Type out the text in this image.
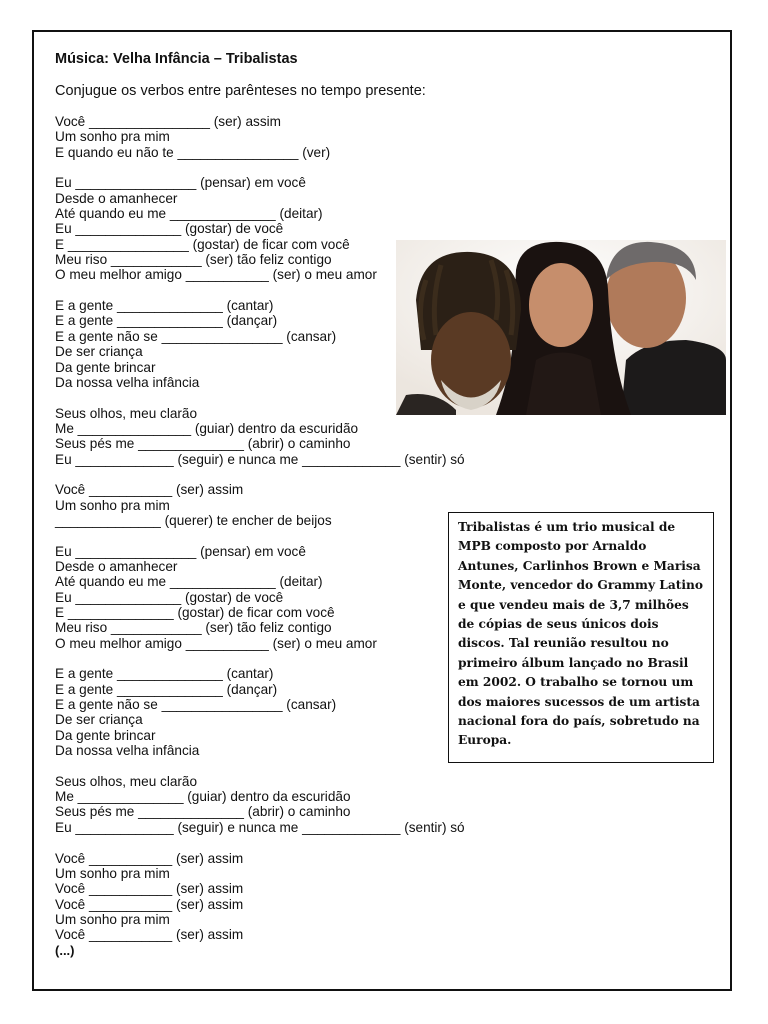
Música: Velha Infância – Tribalistas
Conjugue os verbos entre parênteses no tempo presente:
Você ________________ (ser) assim
Um sonho pra mim
E quando eu não te ________________ (ver)
Eu ________________ (pensar) em você
Desde o amanhecer
Até quando eu me ______________ (deitar)
Eu ______________ (gostar) de você
E ________________ (gostar) de ficar com você
Meu riso ____________ (ser) tão feliz contigo
O meu melhor amigo ___________ (ser) o meu amor
E a gente ______________ (cantar)
E a gente ______________ (dançar)
E a gente não se ________________ (cansar)
De ser criança
Da gente brincar
Da nossa velha infância
Seus olhos, meu clarão
Me _______________ (guiar) dentro da escuridão
Seus pés me ______________ (abrir) o caminho
Eu _____________ (seguir) e nunca me _____________ (sentir) só
Você ___________ (ser) assim
Um sonho pra mim
______________ (querer) te encher de beijos
Eu ________________ (pensar) em você
Desde o amanhecer
Até quando eu me ______________ (deitar)
Eu ______________ (gostar) de você
E ______________ (gostar) de ficar com você
Meu riso ____________ (ser) tão feliz contigo
O meu melhor amigo ___________ (ser) o meu amor
E a gente ______________ (cantar)
E a gente ______________ (dançar)
E a gente não se ________________ (cansar)
De ser criança
Da gente brincar
Da nossa velha infância
Seus olhos, meu clarão
Me ______________ (guiar) dentro da escuridão
Seus pés me ______________ (abrir) o caminho
Eu _____________ (seguir) e nunca me _____________ (sentir) só
Você ___________ (ser) assim
Um sonho pra mim
Você ___________ (ser) assim
Você ___________ (ser) assim
Um sonho pra mim
Você ___________ (ser) assim
(...)
Tribalistas é um trio musical de MPB composto por Arnaldo Antunes, Carlinhos Brown e Marisa Monte, vencedor do Grammy Latino e que vendeu mais de 3,7 milhões de cópias de seus únicos dois discos. Tal reunião resultou no primeiro álbum lançado no Brasil em 2002. O trabalho se tornou um dos maiores sucessos de um artista nacional fora do país, sobretudo na Europa.
